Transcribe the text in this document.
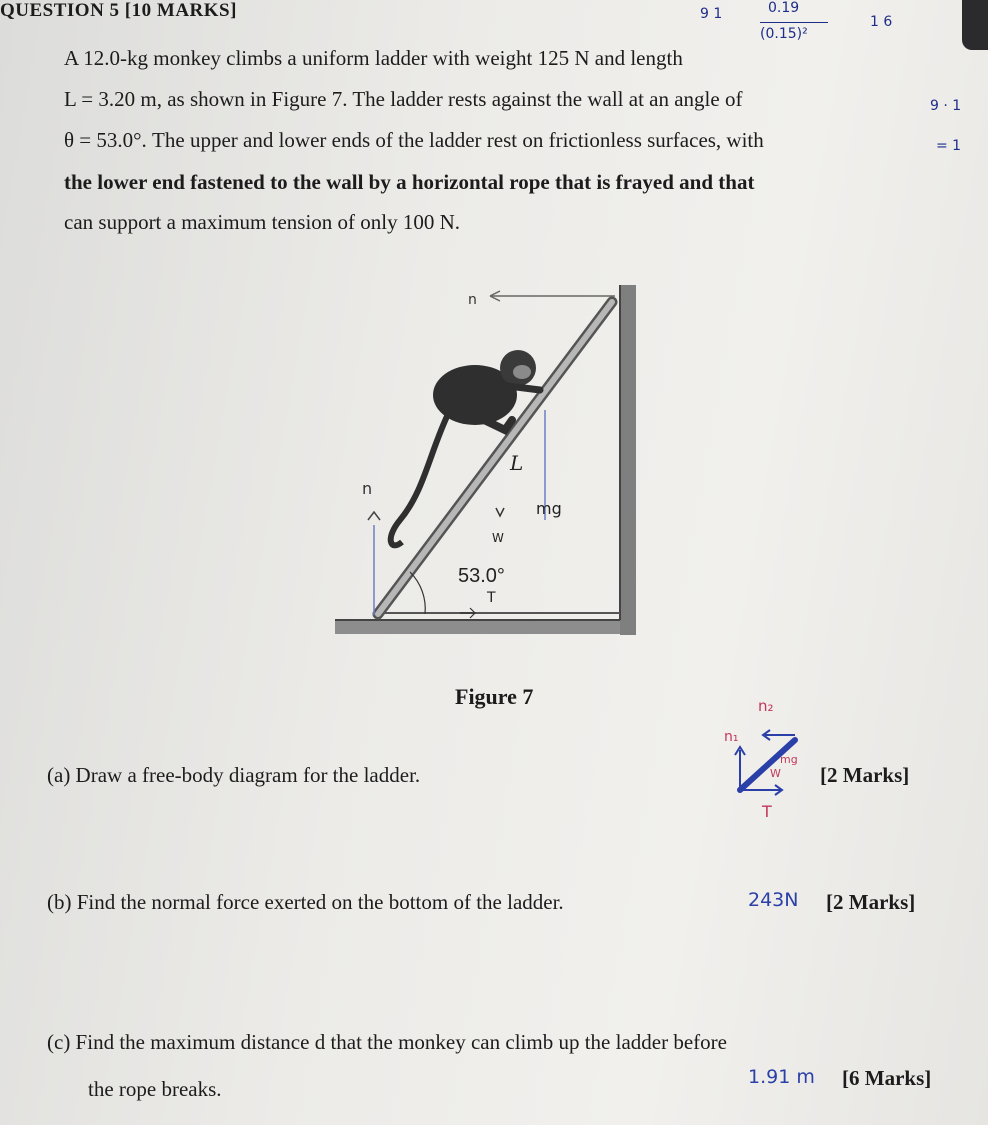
QUESTION 5 [10 MARKS]	9 1	0.19
(0.15)²
1 6
9 · 1
= 1
A 12.0-kg monkey climbs a uniform ladder with weight 125 N and length
L = 3.20 m, as shown in Figure 7. The ladder rests against the wall at an angle of
θ = 53.0°. The upper and lower ends of the ladder rest on frictionless surfaces, with
the lower end fastened to the wall by a horizontal rope that is frayed and that
can support a maximum tension of only 100 N.
n
n
L
W
mg
53.0°
T
Figure 7
(a) Draw a free-body diagram for the ladder.	[2 Marks]
n₂
n₁
mg
W
T
(b) Find the normal force exerted on the bottom of the ladder.	243N [2 Marks]
(c) Find the maximum distance d that the monkey can climb up the ladder before
the rope breaks.	1.91 m [6 Marks]
